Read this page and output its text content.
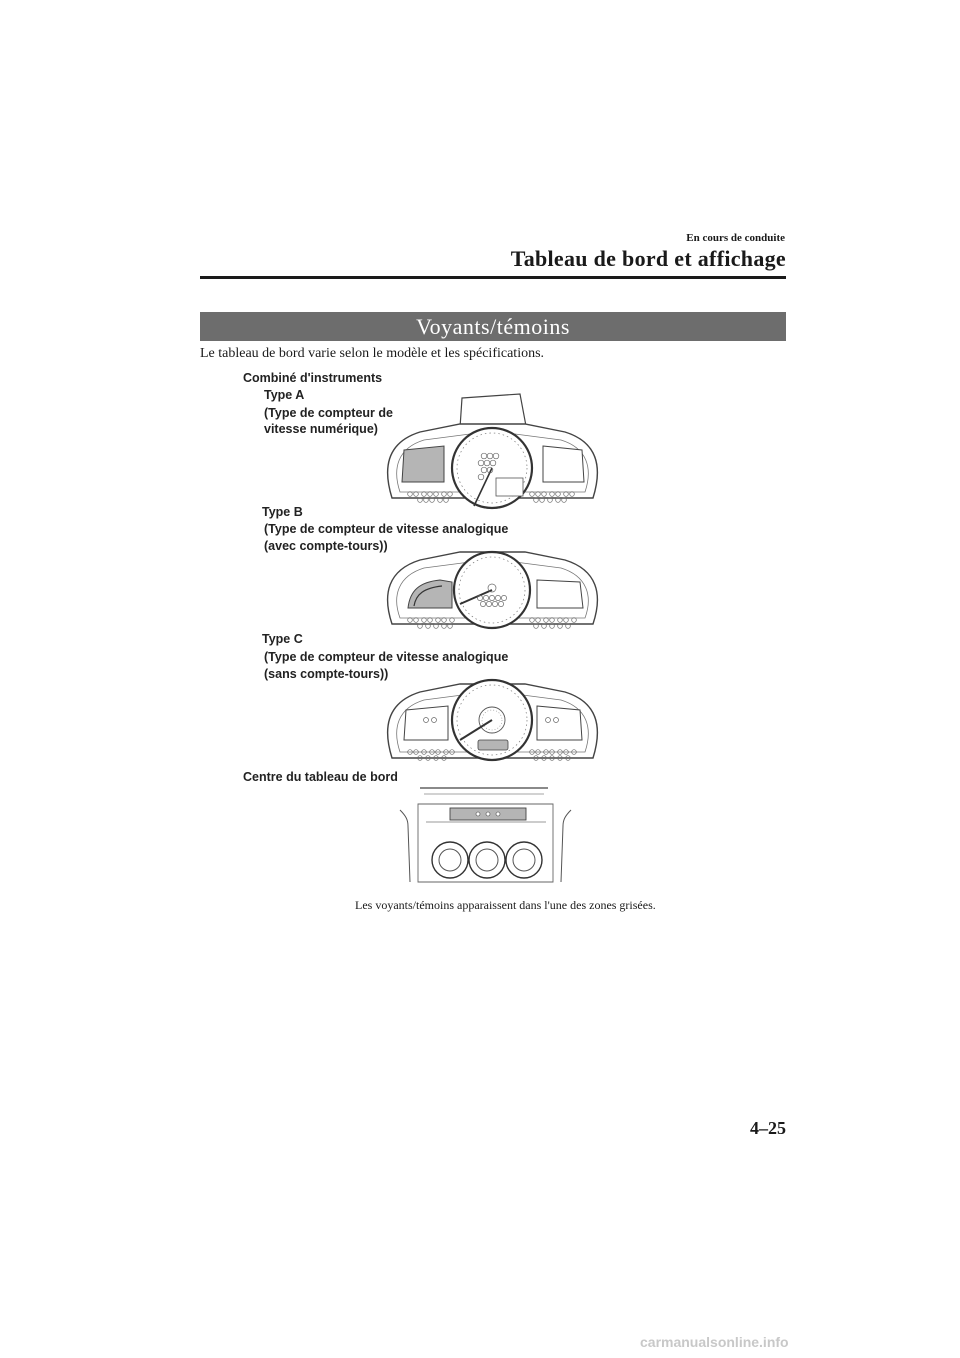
En cours de conduite
Tableau de bord et affichage
Voyants/témoins
Le tableau de bord varie selon le modèle et les spécifications.
Combiné d'instruments
Type A
(Type de compteur de
vitesse numérique)
Type B
(Type de compteur de vitesse analogique
(avec compte-tours))
Type C
(Type de compteur de vitesse analogique
(sans compte-tours))
Centre du tableau de bord
Les voyants/témoins apparaissent dans l'une des zones grisées.
4–25
carmanualsonline.info
